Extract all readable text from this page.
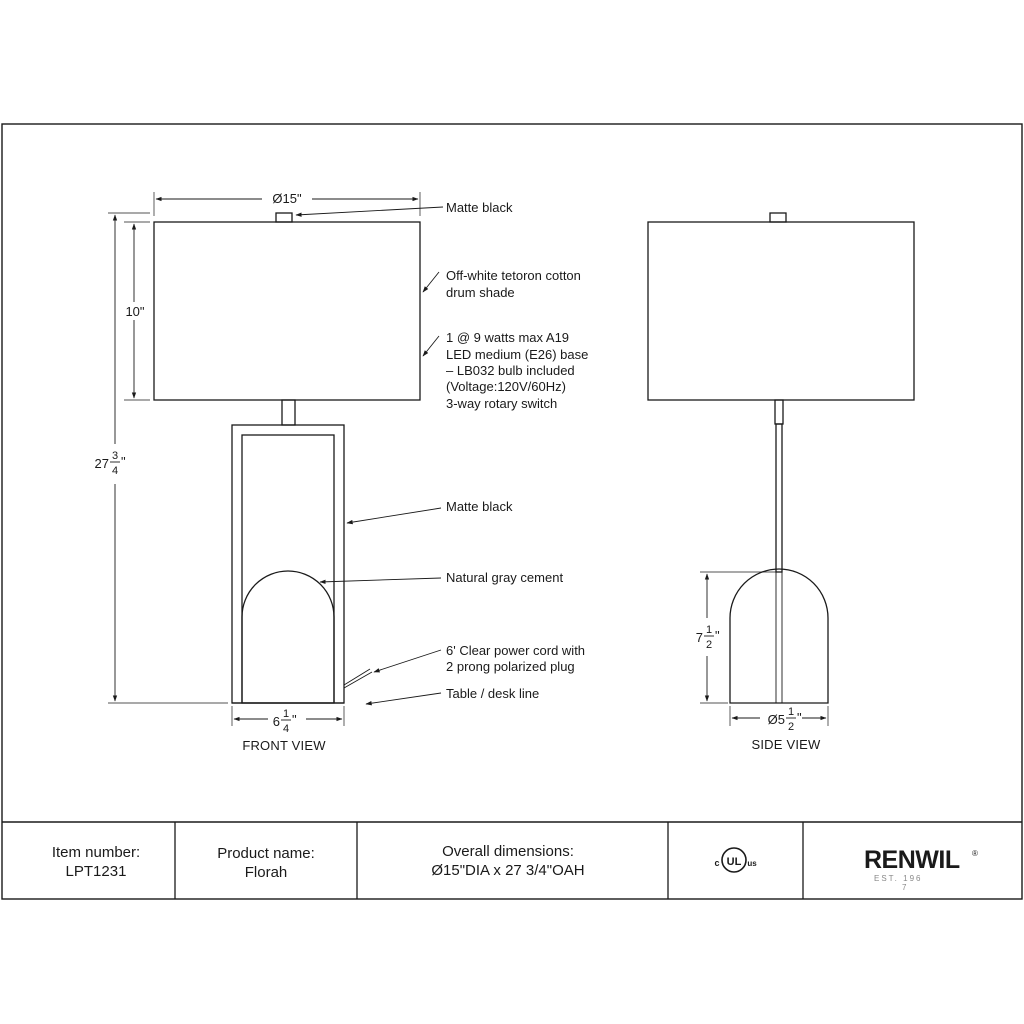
Ø15"
10"
27 3
4
"
6 1
4
"
FRONT VIEW
Matte black
Off-white tetoron cotton
drum shade
1 @ 9 watts max A19
LED medium (E26) base
– LB032 bulb included
(Voltage:120V/60Hz)
3-way rotary switch
Matte black
Natural gray cement
6' Clear power cord with
2 prong polarized plug
Table / desk line
7 1
2
"
Ø5 1
2
"
SIDE VIEW
Item number:
LPT1231
Product name:
Florah
Overall dimensions:
Ø15"DIA x 27 3/4"OAH	UL
c	us	RENWIL ®
EST. 196
7
